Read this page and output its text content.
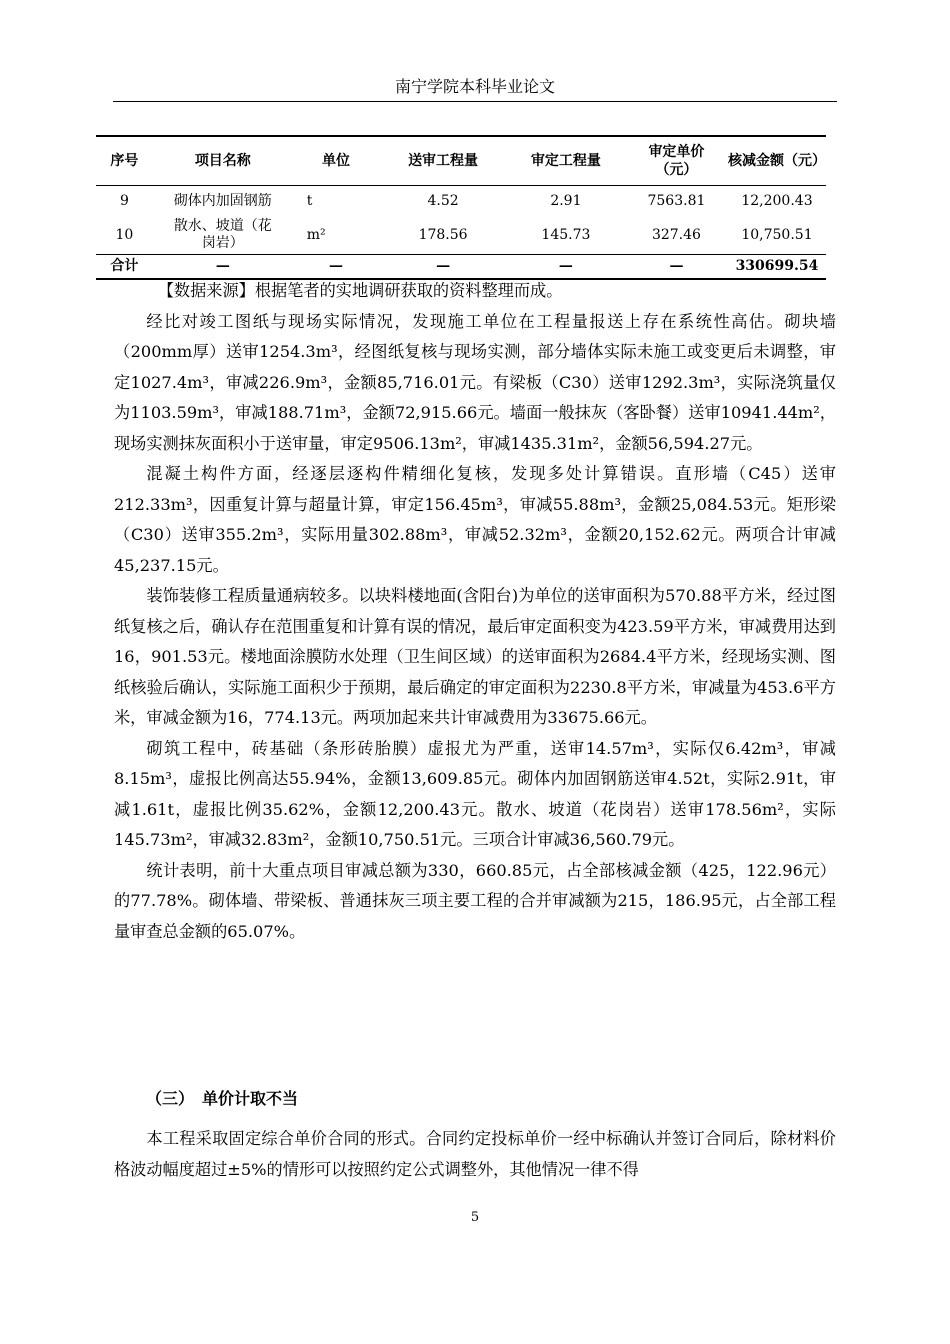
南宁学院本科毕业论文
序号	项目名称	单位	送审工程量	审定工程量	审定单价（元）	核减金额（元）
9	砌体内加固钢筋	t	4.52	2.91	7563.81	12,200.43
10	散水、坡道（花岗岩）	m²	178.56	145.73	327.46	10,750.51
合计	—	—	—	—	—	330699.54

【数据来源】根据笔者的实地调研获取的资料整理而成。

经比对竣工图纸与现场实际情况，发现施工单位在工程量报送上存在系统性高估。砌块墙（200mm厚）送审1254.3m³，经图纸复核与现场实测，部分墙体实际未施工或变更后未调整，审定1027.4m³，审减226.9m³，金额85,716.01元。有梁板（C30）送审1292.3m³，实际浇筑量仅为1103.59m³，审减188.71m³，金额72,915.66元。墙面一般抹灰（客卧餐）送审10941.44m²，现场实测抹灰面积小于送审量，审定9506.13m²，审减1435.31m²，金额56,594.27元。

混凝土构件方面，经逐层逐构件精细化复核，发现多处计算错误。直形墙（C45）送审212.33m³，因重复计算与超量计算，审定156.45m³，审减55.88m³，金额25,084.53元。矩形梁（C30）送审355.2m³，实际用量302.88m³，审减52.32m³，金额20,152.62元。两项合计审减45,237.15元。

装饰装修工程质量通病较多。以块料楼地面(含阳台)为单位的送审面积为570.88平方米，经过图纸复核之后，确认存在范围重复和计算有误的情况，最后审定面积变为423.59平方米，审减费用达到16，901.53元。楼地面涂膜防水处理（卫生间区域）的送审面积为2684.4平方米，经现场实测、图纸核验后确认，实际施工面积少于预期，最后确定的审定面积为2230.8平方米，审减量为453.6平方米，审减金额为16，774.13元。两项加起来共计审减费用为33675.66元。

砌筑工程中，砖基础（条形砖胎膜）虚报尤为严重，送审14.57m³，实际仅6.42m³，审减8.15m³，虚报比例高达55.94%，金额13,609.85元。砌体内加固钢筋送审4.52t，实际2.91t，审减1.61t，虚报比例35.62%，金额12,200.43元。散水、坡道（花岗岩）送审178.56m²，实际145.73m²，审减32.83m²，金额10,750.51元。三项合计审减36,560.79元。

统计表明，前十大重点项目审减总额为330，660.85元，占全部核减金额（425，122.96元）的77.78%。砌体墙、带梁板、普通抹灰三项主要工程的合并审减额为215，186.95元，占全部工程量审查总金额的65.07%。

（三）　单价计取不当

本工程采取固定综合单价合同的形式。合同约定投标单价一经中标确认并签订合同后，除材料价格波动幅度超过±5%的情形可以按照约定公式调整外，其他情况一律不得

5
